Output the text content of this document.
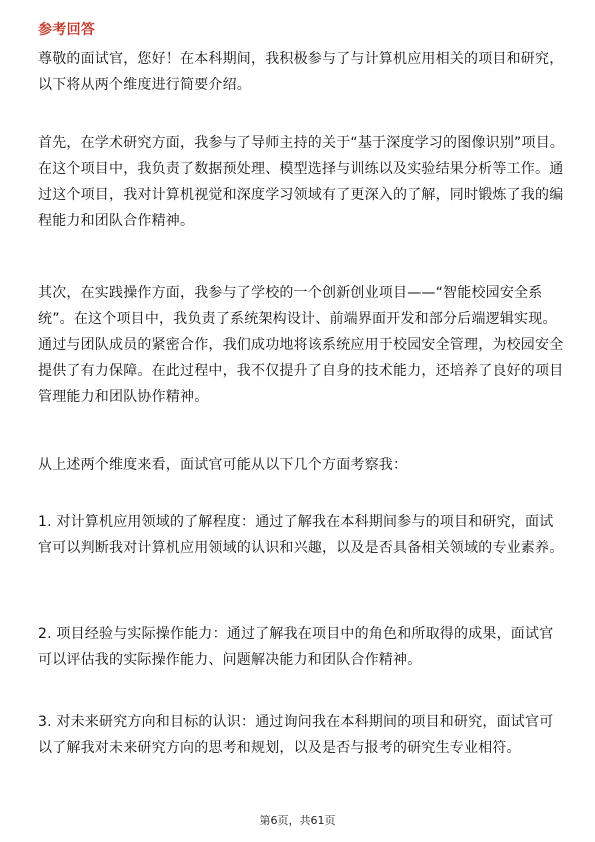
参考回答

尊敬的面试官，您好！在本科期间，我积极参与了与计算机应用相关的项目和研究，以下将从两个维度进行简要介绍。

首先，在学术研究方面，我参与了导师主持的关于“基于深度学习的图像识别”项目。在这个项目中，我负责了数据预处理、模型选择与训练以及实验结果分析等工作。通过这个项目，我对计算机视觉和深度学习领域有了更深入的了解，同时锻炼了我的编程能力和团队合作精神。

其次，在实践操作方面，我参与了学校的一个创新创业项目——“智能校园安全系统”。在这个项目中，我负责了系统架构设计、前端界面开发和部分后端逻辑实现。通过与团队成员的紧密合作，我们成功地将该系统应用于校园安全管理，为校园安全提供了有力保障。在此过程中，我不仅提升了自身的技术能力，还培养了良好的项目管理能力和团队协作精神。

从上述两个维度来看，面试官可能从以下几个方面考察我：

1. 对计算机应用领域的了解程度：通过了解我在本科期间参与的项目和研究，面试官可以判断我对计算机应用领域的认识和兴趣，以及是否具备相关领域的专业素养。

2. 项目经验与实际操作能力：通过了解我在项目中的角色和所取得的成果，面试官可以评估我的实际操作能力、问题解决能力和团队合作精神。

3. 对未来研究方向和目标的认识：通过询问我在本科期间的项目和研究，面试官可以了解我对未来研究方向的思考和规划，以及是否与报考的研究生专业相符。

第6页，共61页
